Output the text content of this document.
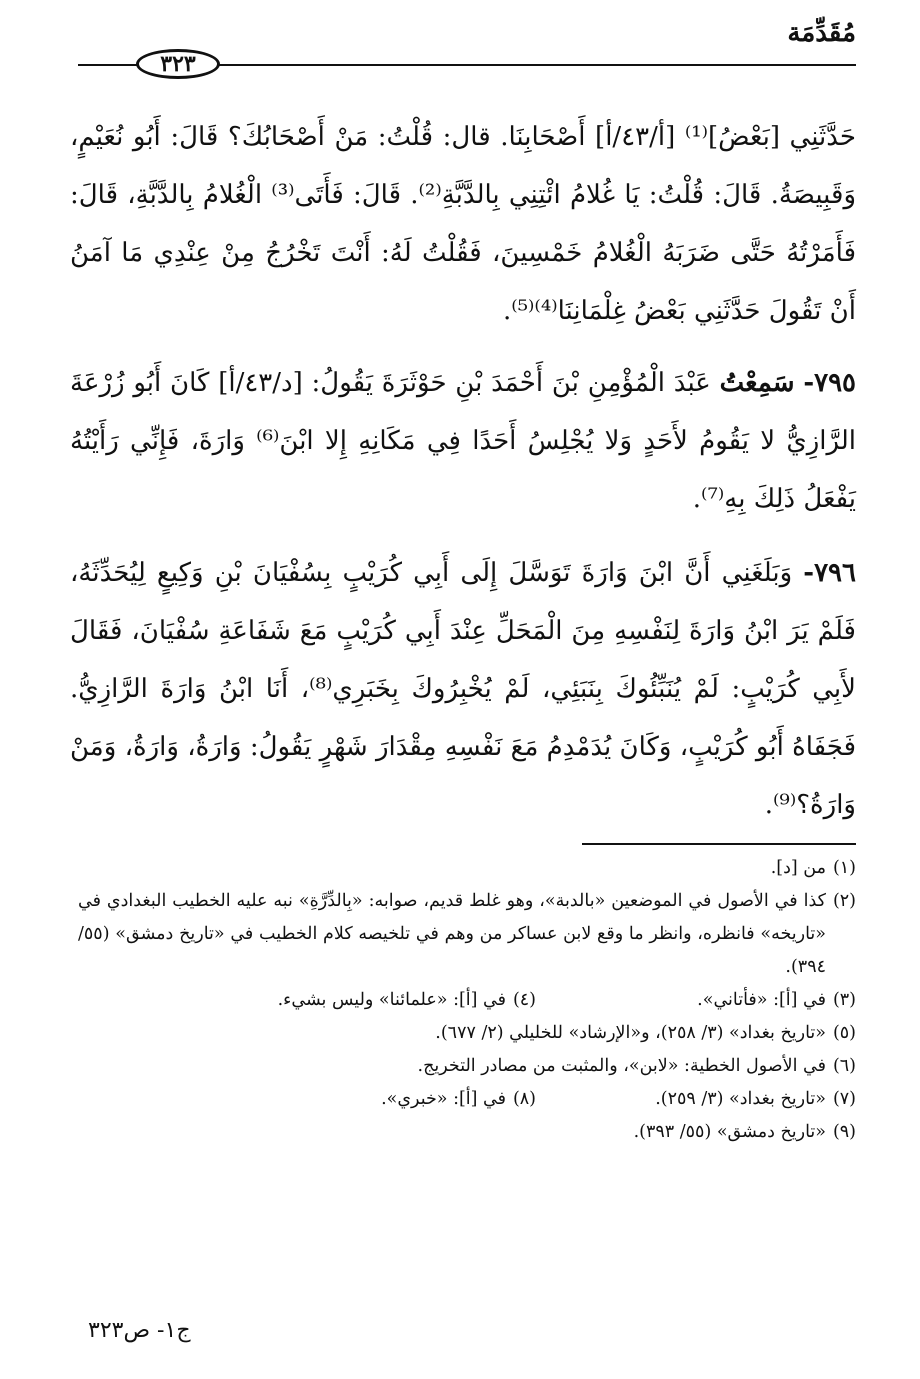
مُقَدِّمَة
٣٢٣

حَدَّثَنِي [بَعْضُ]⁽¹⁾ [أ/٤٣/أ] أَصْحَابِنَا. قال: قُلْتُ: مَنْ أَصْحَابُكَ؟ قَالَ: أَبُو نُعَيْمٍ، وَقَبِيصَةُ. قَالَ: قُلْتُ: يَا غُلامُ ائْتِنِي بِالدَّبَّةِ⁽²⁾. قَالَ: فَأَتَى⁽³⁾ الْغُلامُ بِالدَّبَّةِ، قَالَ: فَأَمَرْتُهُ حَتَّى ضَرَبَهُ الْغُلامُ خَمْسِينَ، فَقُلْتُ لَهُ: أَنْتَ تَخْرُجُ مِنْ عِنْدِي مَا آمَنُ أَنْ تَقُولَ حَدَّثَنِي بَعْضُ غِلْمَانِنَا⁽⁴⁾⁽⁵⁾.

٧٩٥- سَمِعْتُ عَبْدَ الْمُؤْمِنِ بْنَ أَحْمَدَ بْنِ حَوْثَرَةَ يَقُولُ: [د/٤٣/أ] كَانَ أَبُو زُرْعَةَ الرَّازِيُّ لا يَقُومُ لأَحَدٍ وَلا يُجْلِسُ أَحَدًا فِي مَكَانِهِ إِلا ابْنَ⁽⁶⁾ وَارَةَ، فَإِنِّي رَأَيْتُهُ يَفْعَلُ ذَلِكَ بِهِ⁽⁷⁾.

٧٩٦- وَبَلَغَنِي أَنَّ ابْنَ وَارَةَ تَوَسَّلَ إِلَى أَبِي كُرَيْبٍ بِسُفْيَانَ بْنِ وَكِيعٍ لِيُحَدِّثَهُ، فَلَمْ يَرَ ابْنُ وَارَةَ لِنَفْسِهِ مِنَ الْمَحَلِّ عِنْدَ أَبِي كُرَيْبٍ مَعَ شَفَاعَةِ سُفْيَانَ، فَقَالَ لأَبِي كُرَيْبٍ: لَمْ يُنَبِّئُوكَ بِنَبَئِي، لَمْ يُخْبِرُوكَ بِخَبَرِي⁽⁸⁾، أَنَا ابْنُ وَارَةَ الرَّازِيُّ. فَجَفَاهُ أَبُو كُرَيْبٍ، وَكَانَ يُدَمْدِمُ مَعَ نَفْسِهِ مِقْدَارَ شَهْرٍ يَقُولُ: وَارَةُ، وَارَةُ، وَمَنْ وَارَةُ؟⁽⁹⁾.

(١)
من [د].
(٢)
كذا في الأصول في الموضعين «بالدبة»، وهو غلط قديم، صوابه: «بِالدِّرَّةِ» نبه عليه الخطيب البغدادي في «تاريخه» فانظره، وانظر ما وقع لابن عساكر من وهم في تلخيصه كلام الخطيب في «تاريخ دمشق» (٥٥/ ٣٩٤).
(٣)
في [أ]: «فأتاني».
(٤)
في [أ]: «علمائنا» وليس بشيء.
(٥)
«تاريخ بغداد» (٣/ ٢٥٨)، و«الإرشاد» للخليلي (٢/ ٦٧٧).
(٦)
في الأصول الخطية: «لابن»، والمثبت من مصادر التخريج.
(٧)
«تاريخ بغداد» (٣/ ٢٥٩).
(٨)
في [أ]: «خبري».
(٩)
«تاريخ دمشق» (٥٥/ ٣٩٣).
ج١- ص٣٢٣
